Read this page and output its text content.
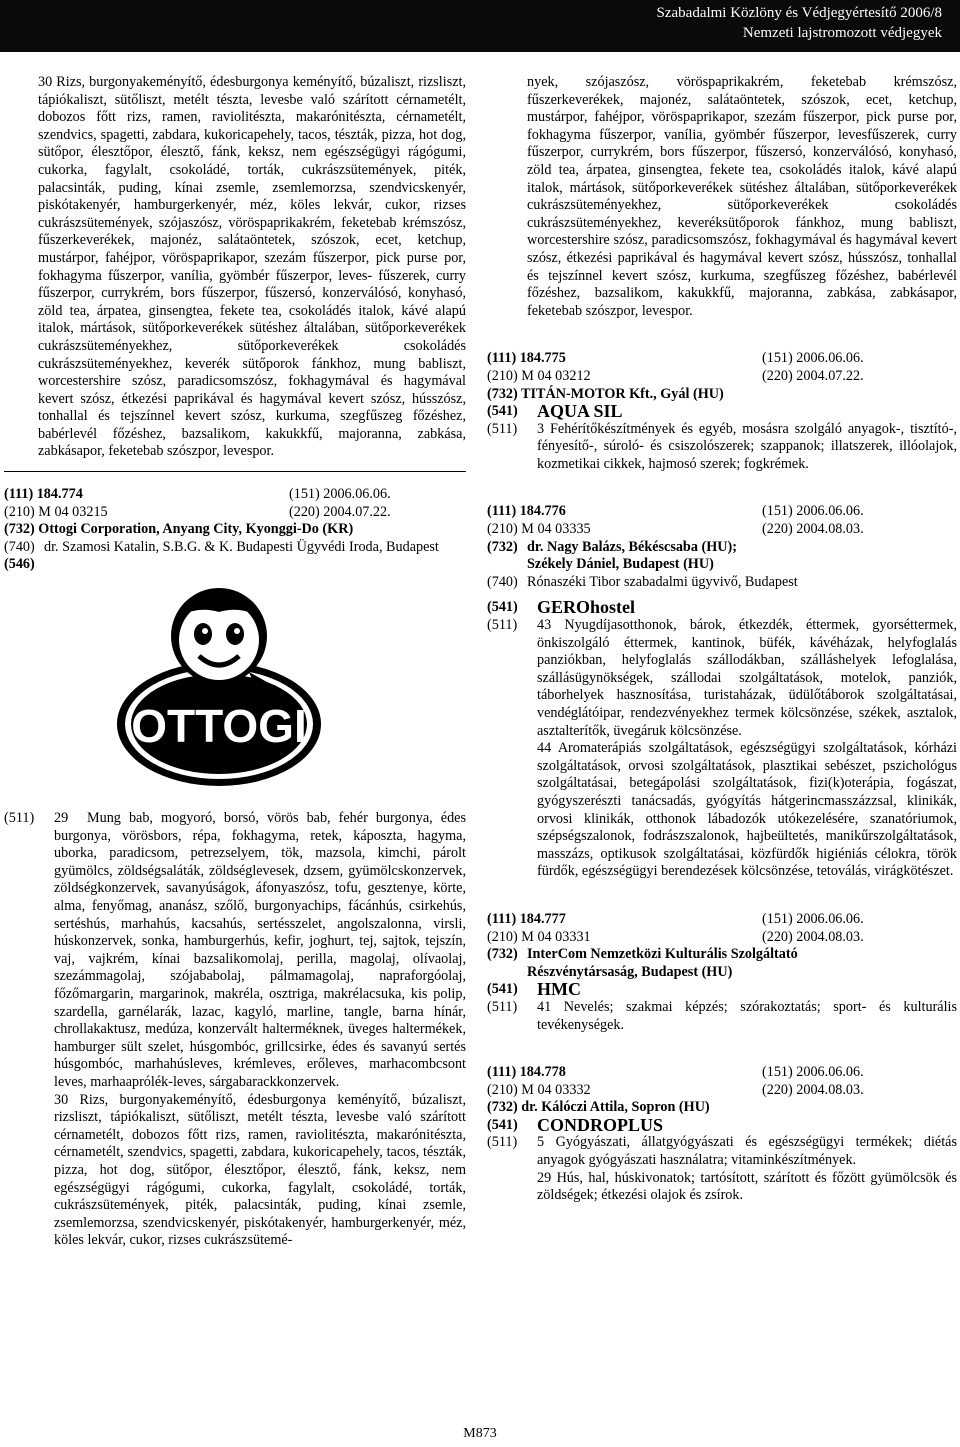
Szabadalmi Közlöny és Védjegyértesítő 2006/8
Nemzeti lajstromozott védjegyek

30 Rizs, burgonyakeményítő, édesburgonya keményítő, búzaliszt, rizsliszt, tápiókaliszt, sütőliszt, metélt tészta, levesbe való szárított cérnametélt, dobozos főtt rizs, ramen, raviolitészta, makarónitészta, cérnametélt, szendvics, spagetti, zabdara, kukoricapehely, tacos, tészták, pizza, hot dog, sütőpor, élesztőpor, élesztő, fánk, keksz, nem egészségügyi rágógumi, cukorka, fagylalt, csokoládé, torták, cukrászsütemények, piték, palacsinták, puding, kínai zsemle, zsemlemorzsa, szendvicskenyér, piskótakenyér, hamburgerkenyér, méz, köles lekvár, cukor, rizses cukrászsütemények, szójaszósz, vöröspaprikakrém, feketebab krémszósz, fűszerkeverékek, majonéz, salátaöntetek, szószok, ecet, ketchup, mustárpor, fahéjpor, vöröspaprikapor, szezám fűszerpor, pick purse por, fokhagyma fűszerpor, vanília, gyömbér fűszerpor, leves- fűszerek, curry fűszerpor, currykrém, bors fűszerpor, fűszersó, konzerválósó, konyhasó, zöld tea, árpatea, ginsengtea, fekete tea, csokoládés italok, kávé alapú italok, mártások, sütőporkeverékek sütéshez általában, sütőporkeverékek cukrászsüteményekhez, sütőporkeverékek csokoládés cukrászsüteményekhez, keverék sütőporok fánkhoz, mung babliszt, worcestershire szósz, paradicsomszósz, fokhagymával és hagymával kevert szósz, étkezési paprikával és hagymával kevert szósz, hússzósz, tonhallal és tejszínnel kevert szósz, kurkuma, szegfűszeg főzéshez, babérlevél főzéshez, bazsalikom, kakukkfű, majoranna, zabkása, zabkásapor, feketebab szószpor, levespor.

(111) 184.774	(151) 2006.06.06.
(210) M 04 03215	(220) 2004.07.22.
(732) Ottogi Corporation, Anyang City, Kyonggi-Do (KR)
(740) dr. Szamosi Katalin, S.B.G. & K. Budapesti Ügyvédi Iroda, Budapest
(546)
OTTOGI
(511)	29 Mung bab, mogyoró, borsó, vörös bab, fehér burgonya, édes burgonya, vörösbors, répa, fokhagyma, retek, káposzta, hagyma, uborka, paradicsom, petrezselyem, tök, mazsola, kimchi, párolt gyümölcs, zöldségsaláták, zöldséglevesek, dzsem, gyümölcskonzervek, zöldségkonzervek, savanyúságok, áfonyaszósz, tofu, gesztenye, körte, alma, fenyőmag, ananász, szőlő, burgonyachips, fácánhús, csirkehús, sertéshús, marhahús, kacsahús, sertésszelet, angolszalonna, virsli, húskonzervek, sonka, hamburgerhús, kefir, joghurt, tej, sajtok, tejszín, vaj, vajkrém, kínai bazsalikomolaj, perilla, magolaj, olívaolaj, szezámmagolaj, szójababolaj, pálmamagolaj, napraforgóolaj, főzőmargarin, margarinok, makréla, osztriga, makrélacsuka, kis polip, szardella, garnélarák, lazac, kagyló, marline, tangle, barna hínár, chrollakaktusz, medúza, konzervált halterméknek, üveges haltermékek, hamburger sült szelet, húsgombóc, grillcsirke, édes és savanyú sertés húsgombóc, marhahúsleves, krémleves, erőleves, marhacombcsont leves, marhaaprólék-leves, sárgabarackkonzervek.

30 Rizs, burgonyakeményítő, édesburgonya keményítő, búzaliszt, rizsliszt, tápiókaliszt, sütőliszt, metélt tészta, levesbe való szárított cérnametélt, dobozos főtt rizs, ramen, raviolitészta, makarónitészta, cérnametélt, szendvics, spagetti, zabdara, kukoricapehely, tacos, tészták, pizza, hot dog, sütőpor, élesztőpor, élesztő, fánk, keksz, nem egészségügyi rágógumi, cukorka, fagylalt, csokoládé, torták, cukrászsütemények, piték, palacsinták, puding, kínai zsemle, zsemlemorzsa, szendvicskenyér, piskótakenyér, hamburgerkenyér, méz, köles lekvár, cukor, rizses cukrászsütemé-

nyek, szójaszósz, vöröspaprikakrém, feketebab krémszósz, fűszerkeverékek, majonéz, salátaöntetek, szószok, ecet, ketchup, mustárpor, fahéjpor, vöröspaprikapor, szezám fűszerpor, pick purse por, fokhagyma fűszerpor, vanília, gyömbér fűszerpor, levesfűszerek, curry fűszerpor, currykrém, bors fűszerpor, fűszersó, konzerválósó, konyhasó, zöld tea, árpatea, ginsengtea, fekete tea, csokoládés italok, kávé alapú italok, mártások, sütőporkeverékek sütéshez általában, sütőporkeverékek cukrászsüteményekhez, sütőporkeverékek csokoládés cukrászsüteményekhez, keveréksütőporok fánkhoz, mung babliszt, worcestershire szósz, paradicsomszósz, fokhagymával és hagymával kevert szósz, étkezési paprikával és hagymával kevert szósz, hússzósz, tonhallal és tejszínnel kevert szósz, kurkuma, szegfűszeg főzéshez, babérlevél főzéshez, bazsalikom, kakukkfű, majoranna, zabkása, zabkásapor, feketebab szószpor, levespor.

(111) 184.775	(151) 2006.06.06.
(210) M 04 03212	(220) 2004.07.22.
(732) TITÁN-MOTOR Kft., Gyál (HU)
(541)	AQUA SIL
(511)	3 Fehérítőkészítmények és egyéb, mosásra szolgáló anyagok-, tisztító-, fényesítő-, súroló- és csiszolószerek; szappanok; illatszerek, illóolajok, kozmetikai cikkek, hajmosó szerek; fogkrémek.
(111) 184.776	(151) 2006.06.06.
(210) M 04 03335	(220) 2004.08.03.
(732) dr. Nagy Balázs, Békéscsaba (HU);
Székely Dániel, Budapest (HU)
(740) Rónaszéki Tibor szabadalmi ügyvivő, Budapest
(541)	GEROhostel
(511)	43 Nyugdíjasotthonok, bárok, étkezdék, éttermek, gyorséttermek, önkiszolgáló éttermek, kantinok, büfék, kávéházak, helyfoglalás panziókban, helyfoglalás szállodákban, szálláshelyek lefoglalása, szállásügynökségek, szállodai szolgáltatások, motelok, panziók, táborhelyek hasznosítása, turistaházak, üdülőtáborok szolgáltatásai, vendéglátóipar, rendezvényekhez termek kölcsönzése, székek, asztalok, asztalterítők, üvegáruk kölcsönzése.

44 Aromaterápiás szolgáltatások, egészségügyi szolgáltatások, kórházi szolgáltatások, orvosi szolgáltatások, plasztikai sebészet, pszichológus szolgáltatásai, betegápolási szolgáltatások, fizi(k)oterápia, fogászat, gyógyszerészti tanácsadás, gyógyítás hátgerincmasszázzsal, klinikák, orvosi klinikák, otthonok lábadozók utókezelésére, szanatóriumok, szépségszalonok, fodrászszalonok, hajbeültetés, manikűrszolgáltatások, masszázs, optikusok szolgáltatásai, közfürdők higiéniás célokra, török fürdők, egészségügyi berendezések kölcsönzése, tetoválás, virágkötészet.

(111) 184.777	(151) 2006.06.06.
(210) M 04 03331	(220) 2004.08.03.
(732) InterCom Nemzetközi Kulturális Szolgáltató
Részvénytársaság, Budapest (HU)
(541)	HMC
(511)	41 Nevelés; szakmai képzés; szórakoztatás; sport- és kulturális tevékenységek.
(111) 184.778	(151) 2006.06.06.
(210) M 04 03332	(220) 2004.08.03.
(732) dr. Kálóczi Attila, Sopron (HU)
(541)	CONDROPLUS
(511)	5 Gyógyászati, állatgyógyászati és egészségügyi termékek; diétás anyagok gyógyászati használatra; vitaminkészítmények.

29 Hús, hal, húskivonatok; tartósított, szárított és főzött gyümölcsök és zöldségek; étkezési olajok és zsírok.

M873
